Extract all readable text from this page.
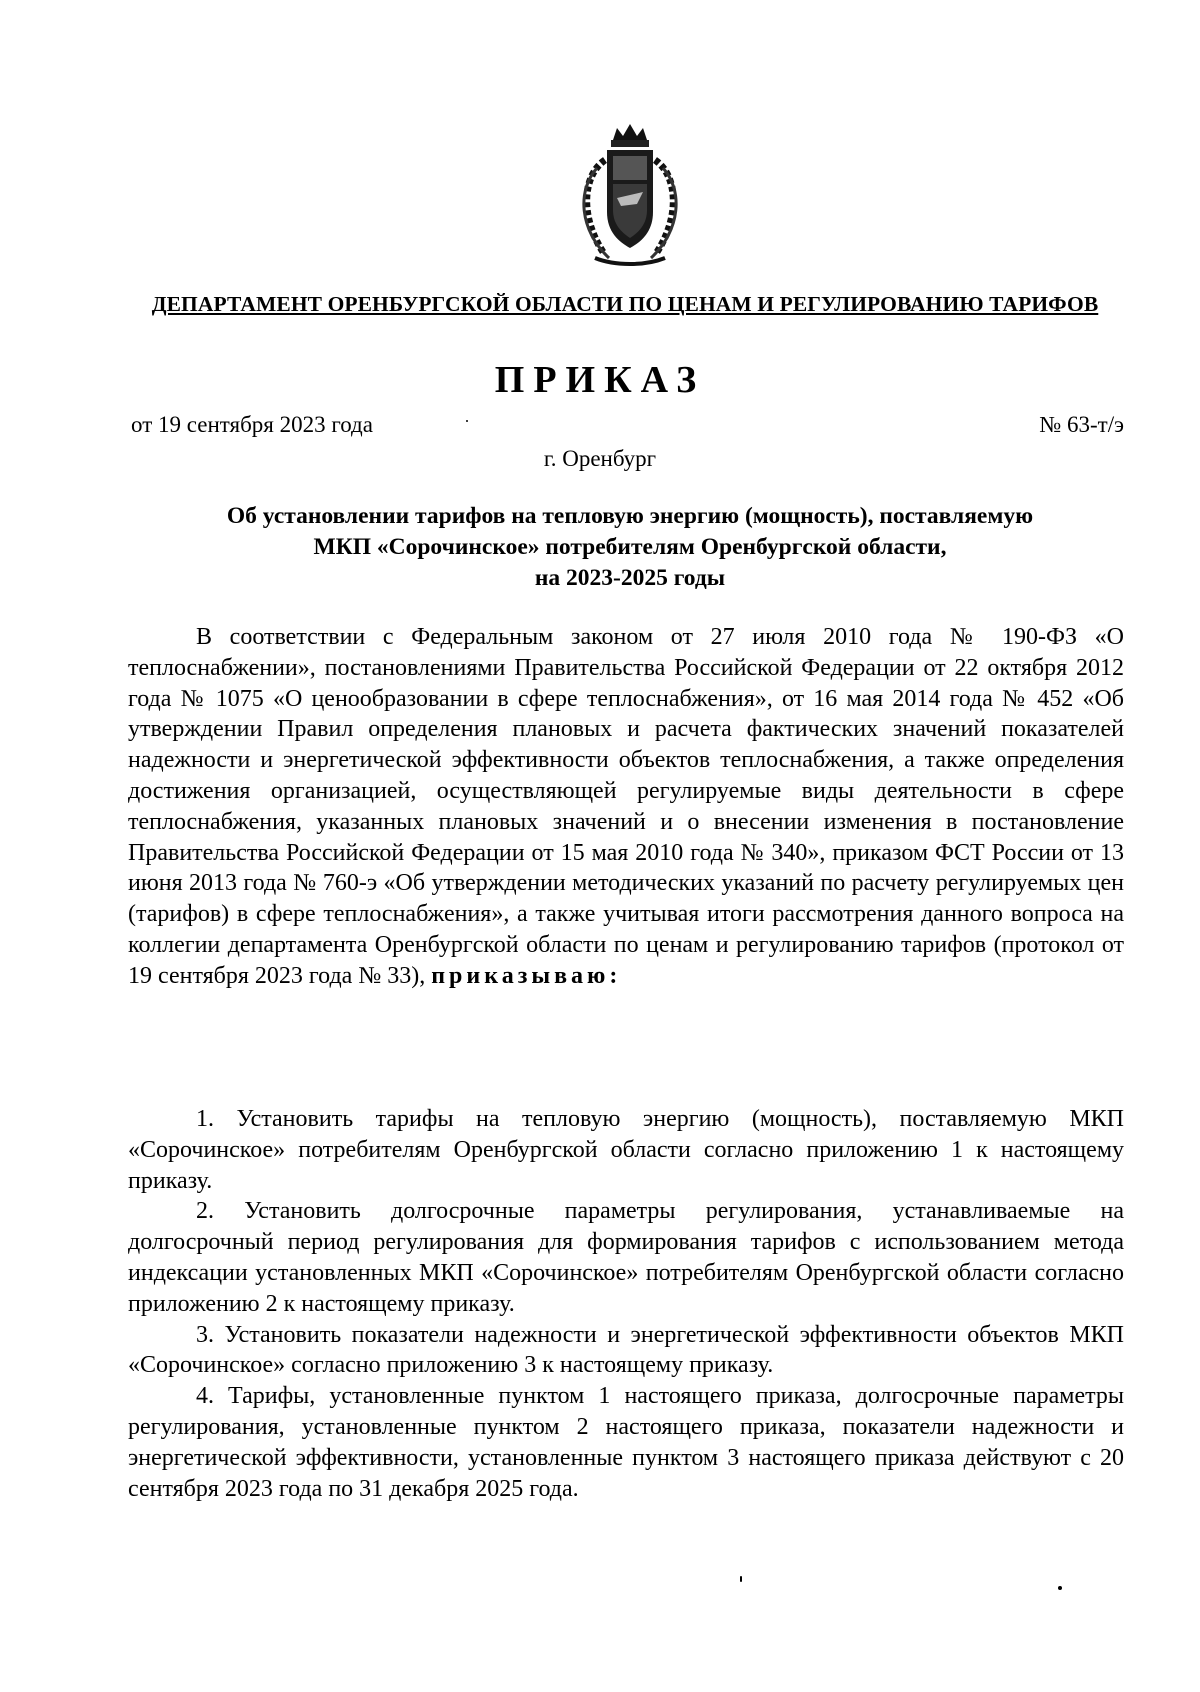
ДЕПАРТАМЕНТ ОРЕНБУРГСКОЙ ОБЛАСТИ ПО ЦЕНАМ И РЕГУЛИРОВАНИЮ ТАРИФОВ
ПРИКАЗ
от 19 сентября 2023 года	№ 63-т/э
г. Оренбург
Об установлении тарифов на тепловую энергию (мощность), поставляемую
МКП «Сорочинское» потребителям Оренбургской области,
на 2023-2025 годы

В соответствии с Федеральным законом от 27 июля 2010 года № 190-ФЗ «О теплоснабжении», постановлениями Правительства Российской Федерации от 22 октября 2012 года № 1075 «О ценообразовании в сфере теплоснабжения», от 16 мая 2014 года № 452 «Об утверждении Правил определения плановых и расчета фактических значений показателей надежности и энергетической эффективности объектов теплоснабжения, а также определения достижения организацией, осуществляющей регулируемые виды деятельности в сфере теплоснабжения, указанных плановых значений и о внесении изменения в постановление Правительства Российской Федерации от 15 мая 2010 года № 340», приказом ФСТ России от 13 июня 2013 года № 760-э «Об утверждении методических указаний по расчету регулируемых цен (тарифов) в сфере теплоснабжения», а также учитывая итоги рассмотрения данного вопроса на коллегии департамента Оренбургской области по ценам и регулированию тарифов (протокол от 19 сентября 2023 года № 33), приказываю:

1. Установить тарифы на тепловую энергию (мощность), поставляемую МКП «Сорочинское» потребителям Оренбургской области согласно приложению 1 к настоящему приказу.

2. Установить долгосрочные параметры регулирования, устанавливаемые на долгосрочный период регулирования для формирования тарифов с использованием метода индексации установленных МКП «Сорочинское» потребителям Оренбургской области согласно приложению 2 к настоящему приказу.

3. Установить показатели надежности и энергетической эффективности объектов МКП «Сорочинское» согласно приложению 3 к настоящему приказу.

4. Тарифы, установленные пунктом 1 настоящего приказа, долгосрочные параметры регулирования, установленные пунктом 2 настоящего приказа, показатели надежности и энергетической эффективности, установленные пунктом 3 настоящего приказа действуют с 20 сентября 2023 года по 31 декабря 2025 года.
